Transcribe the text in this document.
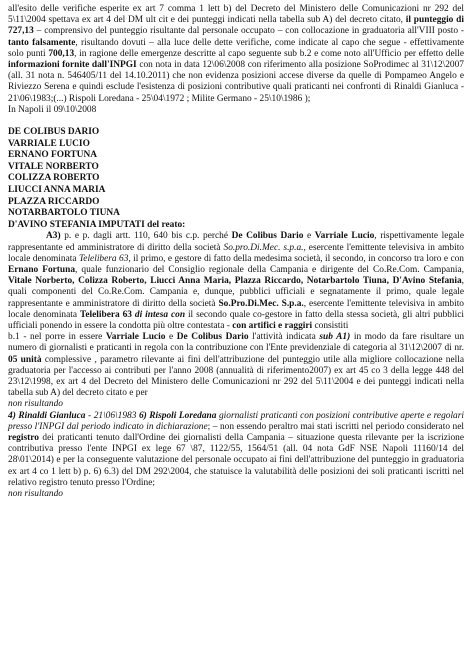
all'esito delle verifiche esperite ex art 7 comma 1 lett b) del Decreto del Ministero delle Comunicazioni nr 292 del 5\11\2004 spettava ex art 4 del DM ult cit e dei punteggi indicati nella tabella sub A) del decreto citato, il punteggio di 727,13 – comprensivo del punteggio risultante dal personale occupato – con collocazione in graduatoria all'VIII posto - tanto falsamente, risultando dovuti – alla luce delle dette verifiche, come indicate al capo che segue - effettivamente solo punti 700,13, in ragione delle emergenze descritte al capo seguente sub b.2 e come noto all'Ufficio per effetto delle informazioni fornite dall'INPGI con nota in data 12\06\2008 con riferimento alla posizione SoProdimec al 31\12\2007 (all. 31 nota n. 546405/11 del 14.10.2011) che non evidenza posizioni accese diverse da quelle di Pompameo Angelo e Riviezzo Serena e quindi esclude l'esistenza di posizioni contributive quali praticanti nei confronti di Rinaldi Gianluca - 21\06\1983;(...) Rispoli Loredana - 25\04\1972 ; Milite Germano - 25\10\1986 );

In Napoli il 09\10\2008

DE COLIBUS DARIO

VARRIALE LUCIO

ERNANO FORTUNA

VITALE NORBERTO

COLIZZA ROBERTO

LIUCCI ANNA MARIA

PLAZZA RICCARDO

NOTARBARTOLO TIUNA

D'AVINO STEFANIA IMPUTATI del reato:

A3) p. e p. dagli artt. 110, 640 bis c.p. perché De Colibus Dario e Varriale Lucio, rispettivamente legale rappresentante ed amministratore di diritto della società So.pro.Di.Mec. s.p.a., esercente l'emittente televisiva in ambito locale denominata Telelibera 63, il primo, e gestore di fatto della medesima società, il secondo, in concorso tra loro e con Ernano Fortuna, quale funzionario del Consiglio regionale della Campania e dirigente del Co.Re.Com. Campania, Vitale Norberto, Colizza Roberto, Liucci Anna Maria, Plazza Riccardo, Notarbartolo Tiuna, D'Avino Stefania, quali componenti del Co.Re.Com. Campania e, dunque, pubblici ufficiali e segnatamente il primo, quale legale rappresentante e amministratore di diritto della società So.Pro.Di.Mec. S.p.a., esercente l'emittente televisiva in ambito locale denominata Telelibera 63 di intesa con il secondo quale co-gestore in fatto della stessa società, gli altri pubblici ufficiali ponendo in essere la condotta più oltre contestata - con artifici e raggiri consistiti

b.1 - nel porre in essere Varriale Lucio e De Colibus Dario l'attività indicata sub A1) in modo da fare risultare un numero di giornalisti e praticanti in regola con la contribuzione con l'Ente previdenziale di categoria al 31\12\2007 di nr. 05 unità complessive , parametro rilevante ai fini dell'attribuzione del punteggio utile alla migliore collocazione nella graduatoria per l'accesso ai contributi per l'anno 2008 (annualità di riferimento2007) ex art 45 co 3 della legge 448 del 23\12\1998, ex art 4 del Decreto del Ministero delle Comunicazioni nr 292 del 5\11\2004 e dei punteggi indicati nella tabella sub A) del decreto citato e per

non risultando

4) Rinaldi Gianluca - 21\06\1983 6) Rispoli Loredana giornalisti praticanti con posizioni contributive aperte e regolari presso l'INPGI dal periodo indicato in dichiarazione; – non essendo peraltro mai stati iscritti nel periodo considerato nel registro dei praticanti tenuto dall'Ordine dei giornalisti della Campania – situazione questa rilevante per la iscrizione contributiva presso l'ente INPGI ex lege 67 \87, 1122/55, 1564/51 (all. 04 nota GdF NSE Napoli 11160/14 del 28\01\2014) e per la conseguente valutazione del personale occupato ai fini dell'attribuzione del punteggio in graduatoria ex art 4 co 1 lett b) p. 6) 6.3) del DM 292\2004, che statuisce la valutabilità delle posizioni dei soli praticanti iscritti nel relativo registro tenuto presso l'Ordine;

non risultando
